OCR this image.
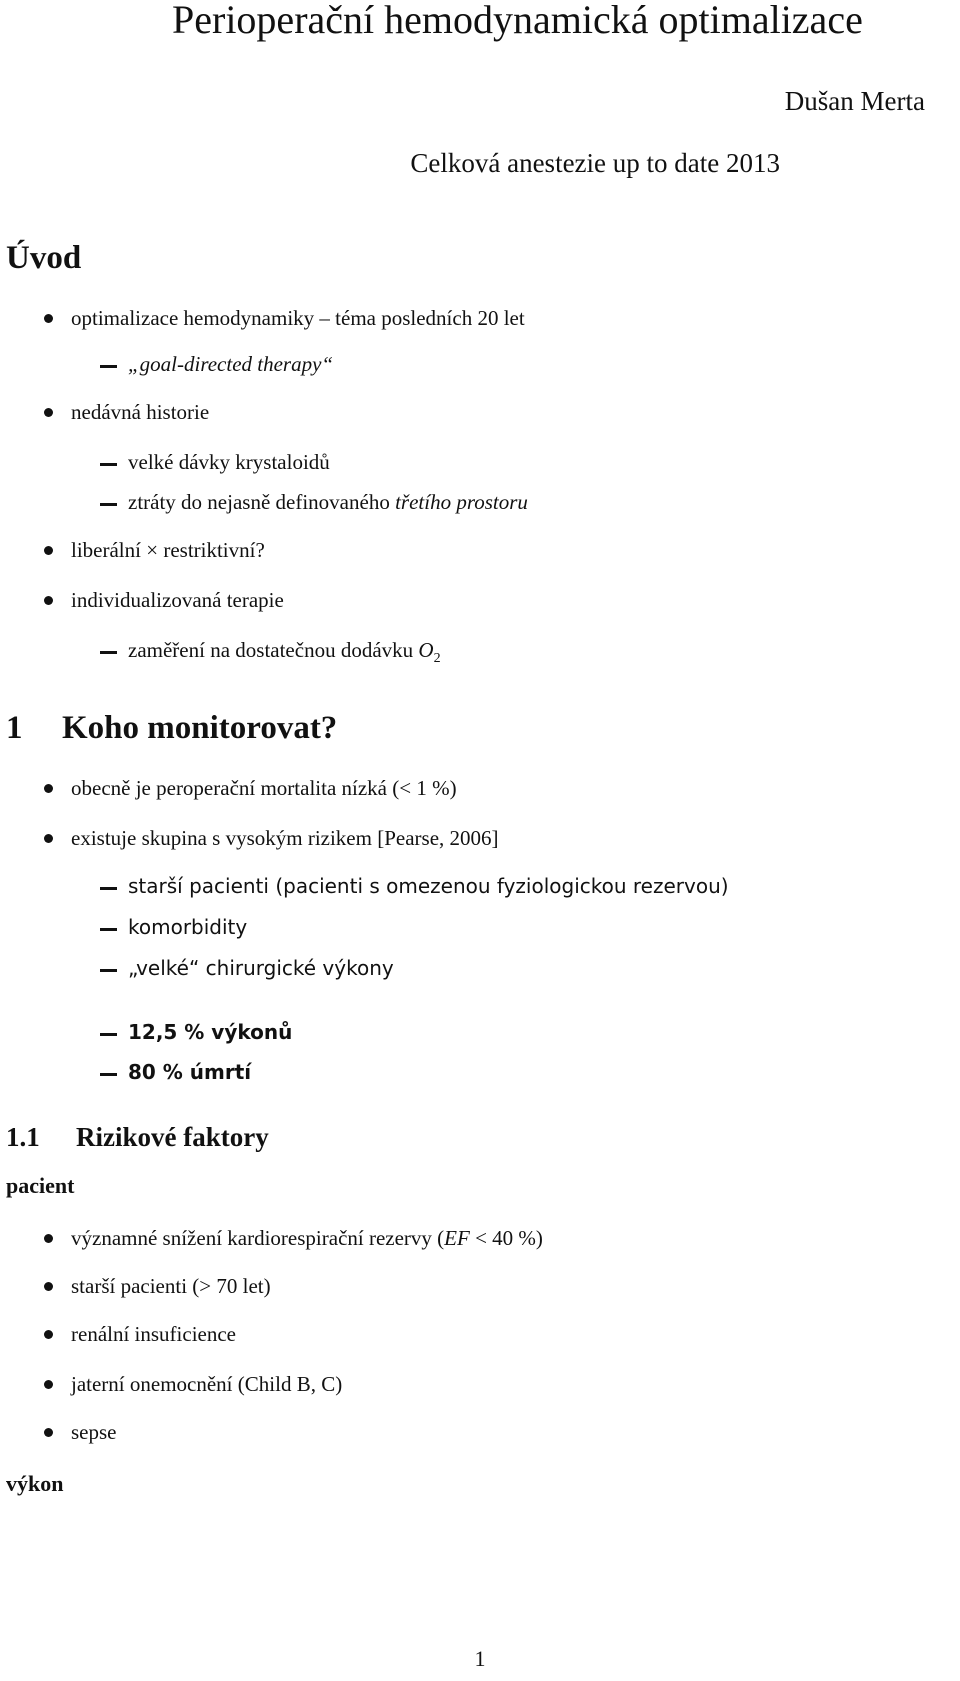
Perioperační hemodynamická optimalizace
Dušan Merta
Celková anestezie up to date 2013
Úvod
optimalizace hemodynamiky – téma posledních 20 let
„goal-directed therapy“
nedávná historie
velké dávky krystaloidů
ztráty do nejasně definovaného třetího prostoru
liberální × restriktivní?
individualizovaná terapie
zaměření na dostatečnou dodávku $O_2$
1 Koho monitorovat?
obecně je peroperační mortalita nízká (< 1 %)
existuje skupina s vysokým rizikem [Pearse, 2006]
starší pacienti (pacienti s omezenou fyziologickou rezervou)
komorbidity
„velké“ chirurgické výkony
12,5 % výkonů
80 % úmrtí
1.1 Rizikové faktory
pacient
významné snížení kardiorespirační rezervy (EF < 40 %)
starší pacienti (> 70 let)
renální insuficience
jaterní onemocnění (Child B, C)
sepse
výkon
1
